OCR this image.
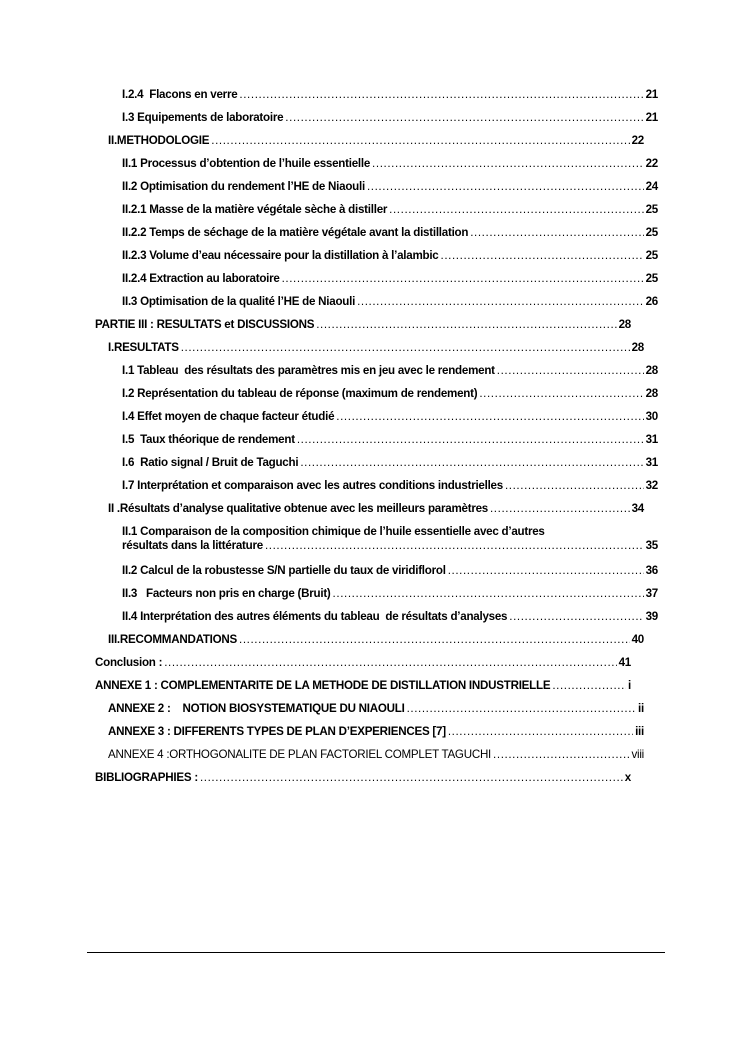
I.2.4  Flacons en verre .....	21
I.3 Equipements de laboratoire .....	21
II.METHODOLOGIE .....	22
II.1 Processus d’obtention de l’huile essentielle .....	22
II.2 Optimisation du rendement l’HE de Niaouli .....	24
II.2.1 Masse de la matière végétale sèche à distiller .....	25
II.2.2 Temps de séchage de la matière végétale avant la distillation .....	25
II.2.3 Volume d’eau nécessaire pour la distillation à l’alambic .....	25
II.2.4 Extraction au laboratoire .....	25
II.3 Optimisation de la qualité l’HE de Niaouli .....	26
PARTIE III : RESULTATS et DISCUSSIONS .....	28
I.RESULTATS .....	28
I.1 Tableau  des résultats des paramètres mis en jeu avec le rendement .....	28
I.2 Représentation du tableau de réponse (maximum de rendement) .....	28
I.4 Effet moyen de chaque facteur étudié .....	30
I.5  Taux théorique de rendement .....	31
I.6  Ratio signal / Bruit de Taguchi .....	31
I.7 Interprétation et comparaison avec les autres conditions industrielles .....	32
II .Résultats d’analyse qualitative obtenue avec les meilleurs paramètres .....	34
II.1 Comparaison de la composition chimique de l’huile essentielle avec d’autres
résultats dans la littérature .....	35
II.2 Calcul de la robustesse S/N partielle du taux de viridiflorol .....	36
II.3   Facteurs non pris en charge (Bruit) .....	37
II.4 Interprétation des autres éléments du tableau  de résultats d’analyses .....	39
III.RECOMMANDATIONS .....	40
Conclusion : .....	41
ANNEXE 1 : COMPLEMENTARITE DE LA METHODE DE DISTILLATION INDUSTRIELLE .....	i
ANNEXE 2 :    NOTION BIOSYSTEMATIQUE DU NIAOULI .....	ii
ANNEXE 3 : DIFFERENTS TYPES DE PLAN D’EXPERIENCES [7] .....	iii
ANNEXE 4 :ORTHOGONALITE DE PLAN FACTORIEL COMPLET TAGUCHI .....	viii
BIBLIOGRAPHIES : .....	x
